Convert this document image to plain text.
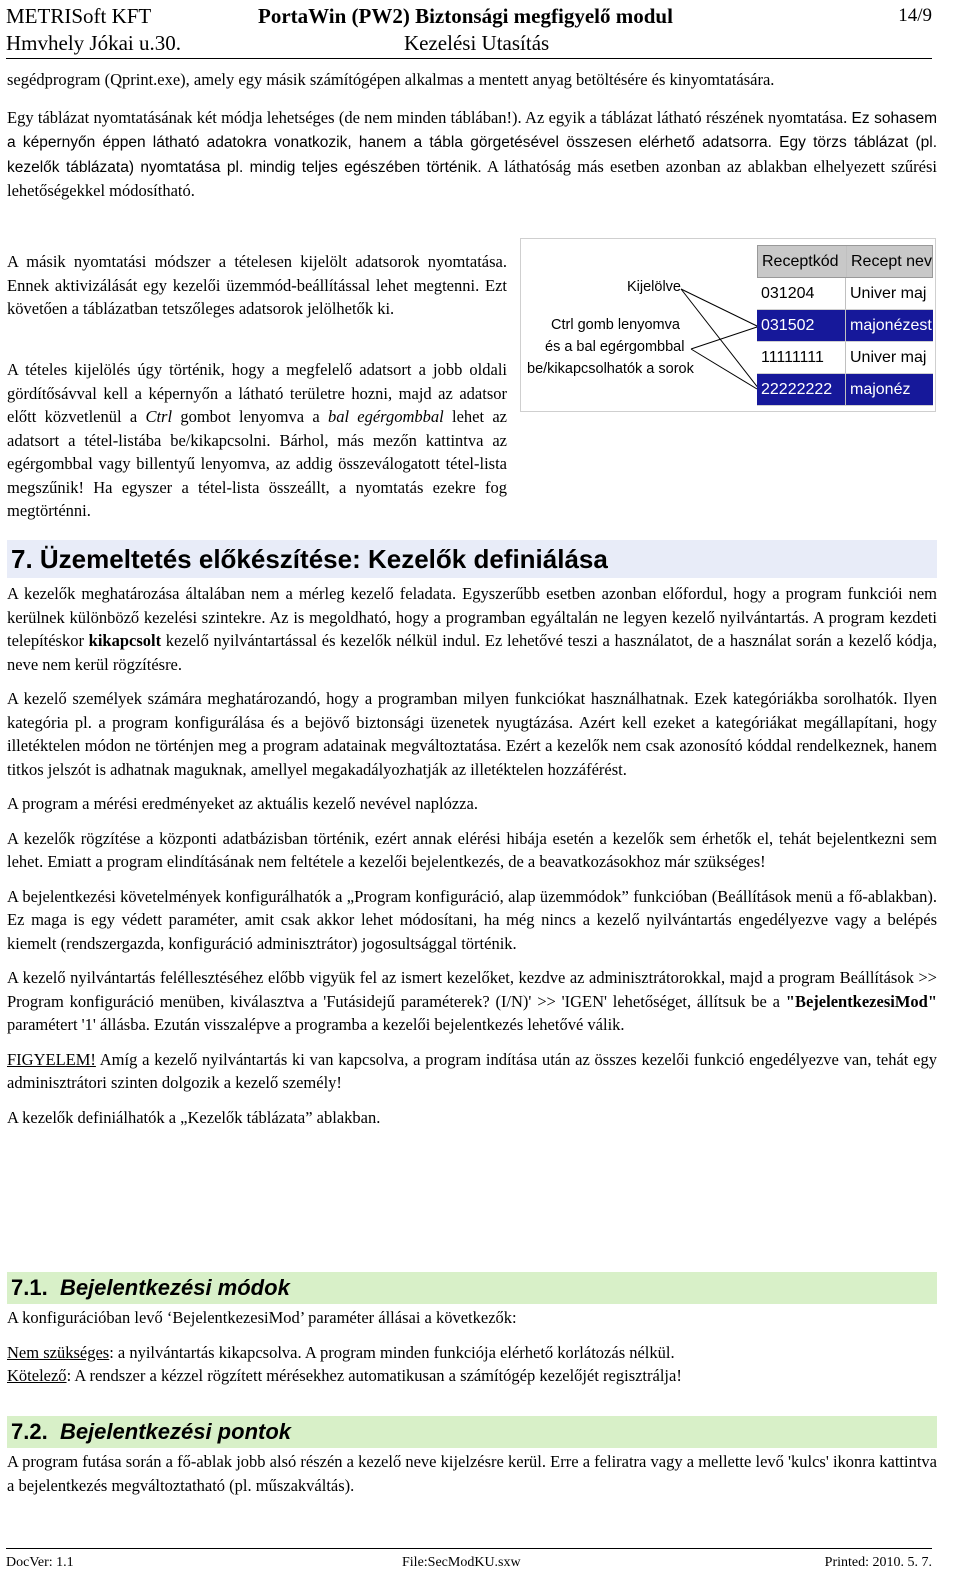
METRISoft KFT
Hmvhely Jókai u.30.
PortaWin (PW2) Biztonsági megfigyelő modul
Kezelési Utasítás
14/9

segédprogram (Qprint.exe), amely egy másik számítógépen alkalmas a mentett anyag betöltésére és kinyomtatására.

Egy táblázat nyomtatásának két módja lehetséges (de nem minden táblában!). Az egyik a táblázat látható részének nyomtatása. Ez sohasem a képernyőn éppen látható adatokra vonatkozik, hanem a tábla görgetésével összesen elérhető adatsorra. Egy törzs táblázat (pl. kezelők táblázata) nyomtatása pl. mindig teljes egészében történik. A láthatóság más esetben azonban az ablakban elhelyezett szűrési lehetőségekkel módosítható.

A másik nyomtatási módszer a tételesen kijelölt adatsorok nyomtatása. Ennek aktivizálását egy kezelői üzemmód-beállítással lehet megtenni. Ezt követően a táblázatban tetszőleges adatsorok jelölhetők ki.

A tételes kijelölés úgy történik, hogy a megfelelő adatsort a jobb oldali gördítősávval kell a képernyőn a látható területre hozni, majd az adatsor előtt közvetlenül a Ctrl gombot lenyomva a bal egérgombbal lehet az adatsort a tétel-listába be/kikapcsolni. Bárhol, más mezőn kattintva az egérgombbal vagy billentyű lenyomva, az addig összeválogatott tétel-lista megszűnik! Ha egyszer a tétel-lista összeállt, a nyomtatás ezekre fog megtörténni.

Kijelölve
Ctrl gomb lenyomva
és a bal egérgombbal
be/kikapcsolhatók a sorok
Receptkód Recept nev
031204	Univer maj
031502	majonézest
11111111	Univer maj
22222222	majonéz
7. Üzemeltetés előkészítése: Kezelők definiálása

A kezelők meghatározása általában nem a mérleg kezelő feladata. Egyszerűbb esetben azonban előfordul, hogy a program funkciói nem kerülnek különböző kezelési szintekre. Az is megoldható, hogy a programban egyáltalán ne legyen kezelő nyilvántartás. A program kezdeti telepítéskor kikapcsolt kezelő nyilvántartással és kezelők nélkül indul. Ez lehetővé teszi a használatot, de a használat során a kezelő kódja, neve nem kerül rögzítésre.

A kezelő személyek számára meghatározandó, hogy a programban milyen funkciókat használhatnak. Ezek kategóriákba sorolhatók. Ilyen kategória pl. a program konfigurálása és a bejövő biztonsági üzenetek nyugtázása. Azért kell ezeket a kategóriákat megállapítani, hogy illetéktelen módon ne történjen meg a program adatainak megváltoztatása. Ezért a kezelők nem csak azonosító kóddal rendelkeznek, hanem titkos jelszót is adhatnak maguknak, amellyel megakadályozhatják az illetéktelen hozzáférést.

A program a mérési eredményeket az aktuális kezelő nevével naplózza.

A kezelők rögzítése a központi adatbázisban történik, ezért annak elérési hibája esetén a kezelők sem érhetők el, tehát bejelentkezni sem lehet. Emiatt a program elindításának nem feltétele a kezelői bejelentkezés, de a beavatkozásokhoz már szükséges!

A bejelentkezési követelmények konfigurálhatók a „Program konfiguráció, alap üzemmódok” funkcióban (Beállítások menü a fő-ablakban). Ez maga is egy védett paraméter, amit csak akkor lehet módosítani, ha még nincs a kezelő nyilvántartás engedélyezve vagy a belépés kiemelt (rendszergazda, konfiguráció adminisztrátor) jogosultsággal történik.

A kezelő nyilvántartás feléllesztéséhez előbb vigyük fel az ismert kezelőket, kezdve az adminisztrátorokkal, majd a program Beállítások >> Program konfiguráció menüben, kiválasztva a 'Futásidejű paraméterek? (I/N)' >> 'IGEN' lehetőséget, állítsuk be a "BejelentkezesiMod" paramétert '1' állásba. Ezután visszalépve a programba a kezelői bejelentkezés lehetővé válik.

FIGYELEM! Amíg a kezelő nyilvántartás ki van kapcsolva, a program indítása után az összes kezelői funkció engedélyezve van, tehát egy adminisztrátori szinten dolgozik a kezelő személy!

A kezelők definiálhatók a „Kezelők táblázata” ablakban.

7.1. Bejelentkezési módok

A konfigurációban levő ‘BejelentkezesiMod’ paraméter állásai a következők:

Nem szükséges: a nyilvántartás kikapcsolva. A program minden funkciója elérhető korlátozás nélkül.

Kötelező: A rendszer a kézzel rögzített mérésekhez automatikusan a számítógép kezelőjét regisztrálja!

7.2. Bejelentkezési pontok

A program futása során a fő-ablak jobb alsó részén a kezelő neve kijelzésre kerül. Erre a feliratra vagy a mellette levő 'kulcs' ikonra kattintva a bejelentkezés megváltoztatható (pl. műszakváltás).

DocVer: 1.1	File:SecModKU.sxw	Printed: 2010. 5. 7.
